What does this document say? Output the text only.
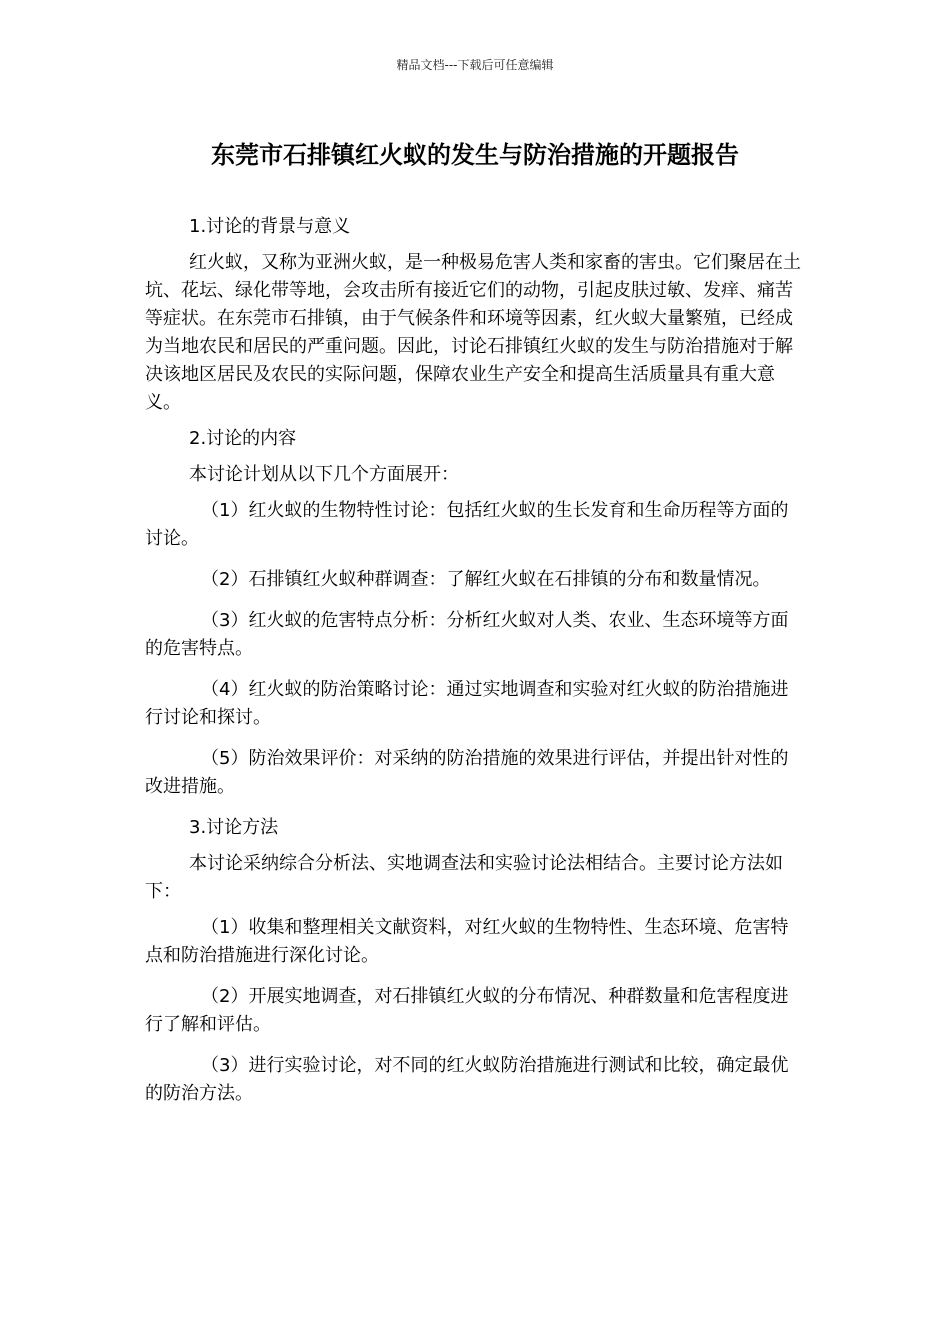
精品文档---下载后可任意编辑
东莞市石排镇红火蚁的发生与防治措施的开题报告

1.讨论的背景与意义

红火蚁，又称为亚洲火蚁，是一种极易危害人类和家畜的害虫。它们聚居在土坑、花坛、绿化带等地，会攻击所有接近它们的动物，引起皮肤过敏、发痒、痛苦等症状。在东莞市石排镇，由于气候条件和环境等因素，红火蚁大量繁殖，已经成为当地农民和居民的严重问题。因此，讨论石排镇红火蚁的发生与防治措施对于解决该地区居民及农民的实际问题，保障农业生产安全和提高生活质量具有重大意义。

2.讨论的内容

本讨论计划从以下几个方面展开：

（1）红火蚁的生物特性讨论：包括红火蚁的生长发育和生命历程等方面的讨论。

（2）石排镇红火蚁种群调查：了解红火蚁在石排镇的分布和数量情况。

（3）红火蚁的危害特点分析：分析红火蚁对人类、农业、生态环境等方面的危害特点。

（4）红火蚁的防治策略讨论：通过实地调查和实验对红火蚁的防治措施进行讨论和探讨。

（5）防治效果评价：对采纳的防治措施的效果进行评估，并提出针对性的改进措施。

3.讨论方法

本讨论采纳综合分析法、实地调查法和实验讨论法相结合。主要讨论方法如下：

（1）收集和整理相关文献资料，对红火蚁的生物特性、生态环境、危害特点和防治措施进行深化讨论。

（2）开展实地调查，对石排镇红火蚁的分布情况、种群数量和危害程度进行了解和评估。

（3）进行实验讨论，对不同的红火蚁防治措施进行测试和比较，确定最优的防治方法。
